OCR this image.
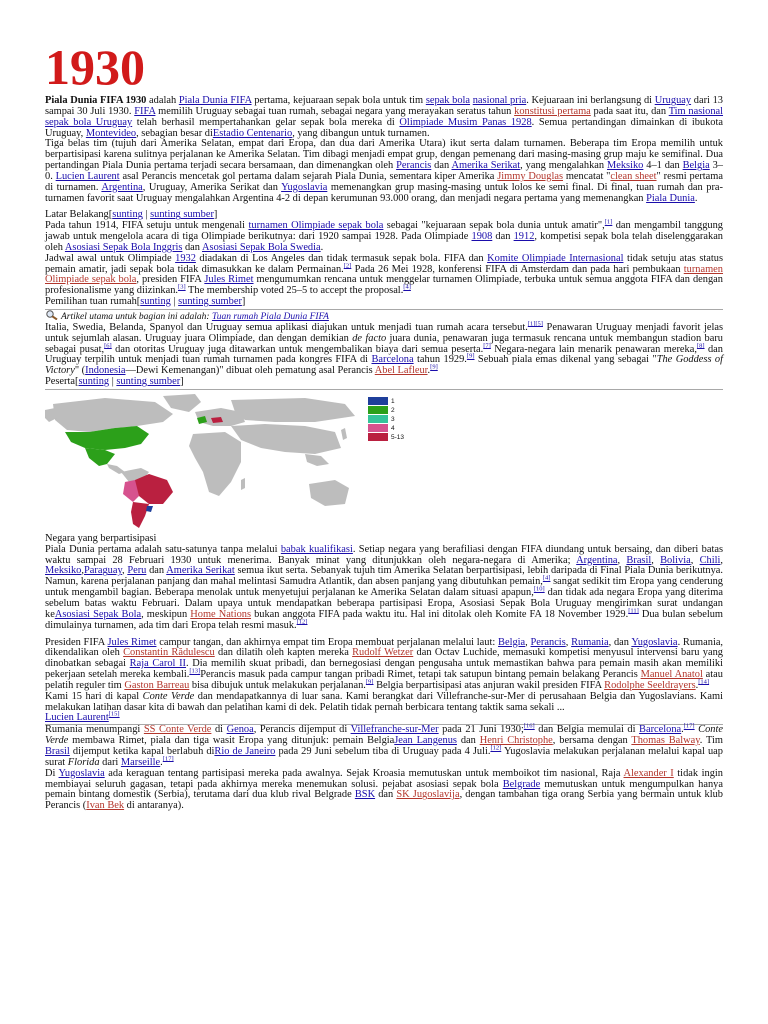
1930

Piala Dunia FIFA 1930 adalah Piala Dunia FIFA pertama, kejuaraan sepak bola untuk tim sepak bola nasional pria. Kejuaraan ini berlangsung di Uruguay dari 13 sampai 30 Juli 1930. FIFA memilih Uruguay sebagai tuan rumah, sebagai negara yang merayakan seratus tahun konstitusi pertama pada saat itu, dan Tim nasional sepak bola Uruguay telah berhasil mempertahankan gelar sepak bola mereka di Olimpiade Musim Panas 1928. Semua pertandingan dimainkan di ibukota Uruguay, Montevideo, sebagian besar diEstadio Centenario, yang dibangun untuk turnamen.

Tiga belas tim (tujuh dari Amerika Selatan, empat dari Eropa, dan dua dari Amerika Utara) ikut serta dalam turnamen. Beberapa tim Eropa memilih untuk berpartisipasi karena sulitnya perjalanan ke Amerika Selatan. Tim dibagi menjadi empat grup, dengan pemenang dari masing-masing grup maju ke semifinal. Dua pertandingan Piala Dunia pertama terjadi secara bersamaan, dan dimenangkan oleh Perancis dan Amerika Serikat, yang mengalahkan Meksiko 4–1 dan Belgia 3–0. Lucien Laurent asal Perancis mencetak gol pertama dalam sejarah Piala Dunia, sementara kiper Amerika Jimmy Douglas mencatat "clean sheet" resmi pertama di turnamen. Argentina, Uruguay, Amerika Serikat dan Yugoslavia memenangkan grup masing-masing untuk lolos ke semi final. Di final, tuan rumah dan pra-turnamen favorit saat Uruguay mengalahkan Argentina 4-2 di depan kerumunan 93.000 orang, dan menjadi negara pertama yang memenangkan Piala Dunia.

Latar Belakang[sunting | sunting sumber]

Pada tahun 1914, FIFA setuju untuk mengenali turnamen Olimpiade sepak bola sebagai "kejuaraan sepak bola dunia untuk amatir",[1] dan mengambil tanggung jawab untuk mengelola acara di tiga Olimpiade berikutnya: dari 1920 sampai 1928. Pada Olimpiade 1908 dan 1912, kompetisi sepak bola telah diselenggarakan oleh Asosiasi Sepak Bola Inggris dan Asosiasi Sepak Bola Swedia.

Jadwal awal untuk Olimpiade 1932 diadakan di Los Angeles dan tidak termasuk sepak bola. FIFA dan Komite Olimpiade Internasional tidak setuju atas status pemain amatir, jadi sepak bola tidak dimasukkan ke dalam Permainan.[2] Pada 26 Mei 1928, konferensi FIFA di Amsterdam dan pada hari pembukaan turnamen Olimpiade sepak bola, presiden FIFA Jules Rimet mengumumkan rencana untuk menggelar turnamen Olimpiade, terbuka untuk semua anggota FIFA dan dengan profesionalisme yang diizinkan.[3] The membership voted 25–5 to accept the proposal.[4]

Pemilihan tuan rumah[sunting | sunting sumber]
Artikel utama untuk bagian ini adalah: Tuan rumah Piala Dunia FIFA

Italia, Swedia, Belanda, Spanyol dan Uruguay semua aplikasi diajukan untuk menjadi tuan rumah acara tersebut.[1][5] Penawaran Uruguay menjadi favorit jelas untuk sejumlah alasan. Uruguay juara Olimpiade, dan dengan demikian de facto juara dunia, penawaran juga termasuk rencana untuk membangun stadion baru sebagai pusat,[6] dan otoritas Uruguay juga ditawarkan untuk mengembalikan biaya dari semua peserta.[7] Negara-negara lain menarik penawaran mereka,[8] dan Uruguay terpilih untuk menjadi tuan rumah turnamen pada kongres FIFA di Barcelona tahun 1929.[9] Sebuah piala emas dikenal yang sebagai "The Goddess of Victory" (Indonesia—Dewi Kemenangan)" dibuat oleh pematung asal Perancis Abel Lafleur.[9]

Peserta[sunting | sunting sumber]
1
2
3
4
5-13

Negara yang berpartisipasi

Piala Dunia pertama adalah satu-satunya tanpa melalui babak kualifikasi. Setiap negara yang berafiliasi dengan FIFA diundang untuk bersaing, dan diberi batas waktu sampai 28 Februari 1930 untuk menerima. Banyak minat yang ditunjukkan oleh negara-negara di Amerika; Argentina, Brasil, Bolivia, Chili, Meksiko,Paraguay, Peru dan Amerika Serikat semua ikut serta. Sebanyak tujuh tim Amerika Selatan berpartisipasi, lebih daripada di Final Piala Dunia berikutnya. Namun, karena perjalanan panjang dan mahal melintasi Samudra Atlantik, dan absen panjang yang dibutuhkan pemain,[4] sangat sedikit tim Eropa yang cenderung untuk mengambil bagian. Beberapa menolak untuk menyetujui perjalanan ke Amerika Selatan dalam situasi apapun,[10] dan tidak ada negara Eropa yang diterima sebelum batas waktu Februari. Dalam upaya untuk mendapatkan beberapa partisipasi Eropa, Asosiasi Sepak Bola Uruguay mengirimkan surat undangan keAsosiasi Sepak Bola, meskipun Home Nations bukan anggota FIFA pada waktu itu. Hal ini ditolak oleh Komite FA 18 November 1929.[11] Dua bulan sebelum dimulainya turnamen, ada tim dari Eropa telah resmi masuk.[12]

Presiden FIFA Jules Rimet campur tangan, dan akhirnya empat tim Eropa membuat perjalanan melalui laut: Belgia, Perancis, Rumania, dan Yugoslavia. Rumania, dikendalikan oleh Constantin Rădulescu dan dilatih oleh kapten mereka Rudolf Wetzer dan Octav Luchide, memasuki kompetisi menyusul intervensi baru yang dinobatkan sebagai Raja Carol II. Dia memilih skuat pribadi, dan bernegosiasi dengan pengusaha untuk memastikan bahwa para pemain masih akan memiliki pekerjaan setelah mereka kembali.[13]Perancis masuk pada campur tangan pribadi Rimet, tetapi tak satupun bintang pemain belakang Perancis Manuel Anatol atau pelatih reguler tim Gaston Barreau bisa dibujuk untuk melakukan perjalanan.[9] Belgia berpartisipasi atas anjuran wakil presiden FIFA Rodolphe Seeldrayers.[14]

Kami 15 hari di kapal Conte Verde dan mendapatkannya di luar sana. Kami berangkat dari Villefranche-sur-Mer di perusahaan Belgia dan Yugoslavians. Kami melakukan latihan dasar kita di bawah dan pelatihan kami di dek. Pelatih tidak pernah berbicara tentang taktik sama sekali ...

Lucien Laurent[15]

Rumania menumpangi SS Conte Verde di Genoa, Perancis dijemput di Villefranche-sur-Mer pada 21 Juni 1930;[16] dan Belgia memulai di Barcelona.[17] Conte Verde membawa Rimet, piala dan tiga wasit Eropa yang ditunjuk: pemain BelgiaJean Langenus dan Henri Christophe, bersama dengan Thomas Balway. Tim Brasil dijemput ketika kapal berlabuh diRio de Janeiro pada 29 Juni sebelum tiba di Uruguay pada 4 Juli.[12] Yugoslavia melakukan perjalanan melalui kapal uap surat Florida dari Marseille.[17]

Di Yugoslavia ada keraguan tentang partisipasi mereka pada awalnya. Sejak Kroasia memutuskan untuk memboikot tim nasional, Raja Alexander I tidak ingin membiayai seluruh gagasan, tetapi pada akhirnya mereka menemukan solusi. pejabat asosiasi sepak bola Belgrade memutuskan untuk mengumpulkan hanya pemain bintang domestik (Serbia), terutama dari dua klub rival Belgrade BSK dan SK Jugoslavija, dengan tambahan tiga orang Serbia yang bermain untuk klub Perancis (Ivan Bek di antaranya).
